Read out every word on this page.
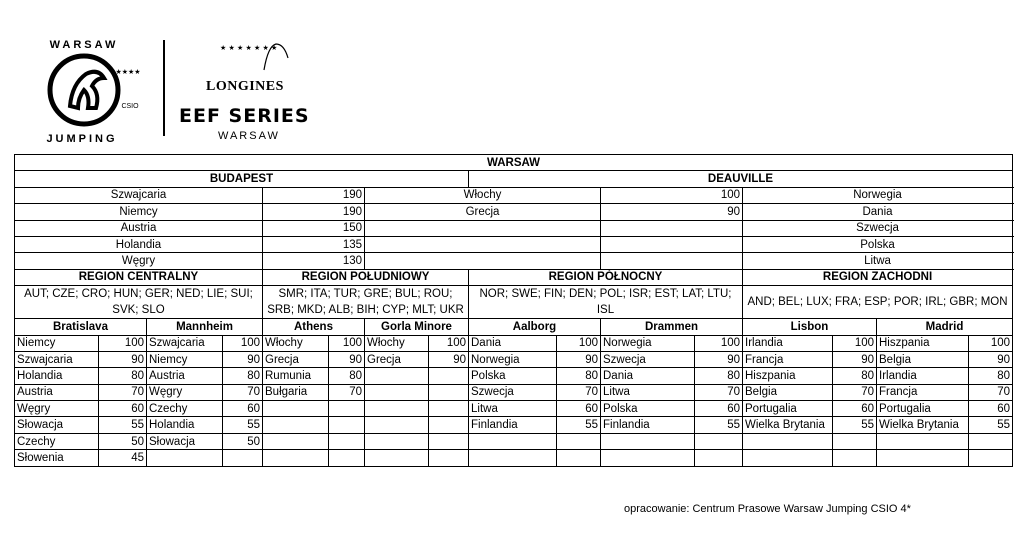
WARSAW
JUMPING
CSIO
★★★★
★ ★ ★ ★ ★ ★ ★
LONGINES
EEF SERIES
WARSAW
WARSAW																
BUDAPEST								DEAUVILLE								
Szwajcaria				190		Włochy				100		Norwegia			
Niemcy				190		Grecja				90		Dania			
Austria				150								Szwecja			
Holandia				135								Polska			
Węgry				130								Litwa			
REGION CENTRALNY				REGION POŁUDNIOWY				REGION PÓŁNOCNY				REGION ZACHODNI				
AUT; CZE; CRO; HUN; GER; NED; LIE; SUI; SVK; SLO				SMR; ITA; TUR; GRE; BUL; ROU; SRB; MKD; ALB; BIH; CYP; MLT; UKR				NOR; SWE; FIN; DEN; POL; ISR; EST; LAT; LTU; ISL				AND; BEL; LUX; FRA; ESP; POR; IRL; GBR; MON				
Bratislava		Mannheim		Athens		Gorla Minore		Aalborg		Drammen		Lisbon		Madrid		
Niemcy	100	Szwajcaria	100	Włochy	100	Włochy	100	Dania	100	Norwegia	100	Irlandia	100	Hiszpania	100	
Szwajcaria	90	Niemcy	90	Grecja	90	Grecja	90	Norwegia	90	Szwecja	90	Francja	90	Belgia	90	
Holandia	80	Austria	80	Rumunia	80			Polska	80	Dania	80	Hiszpania	80	Irlandia	80	
Austria	70	Węgry	70	Bułgaria	70			Szwecja	70	Litwa	70	Belgia	70	Francja	70	
Węgry	60	Czechy	60					Litwa	60	Polska	60	Portugalia	60	Portugalia	60	
Słowacja	55	Holandia	55					Finlandia	55	Finlandia	55	Wielka Brytania	55	Wielka Brytania	55	
Czechy	50	Słowacja	50													
Słowenia	45															
opracowanie: Centrum Prasowe Warsaw Jumping CSIO 4*
